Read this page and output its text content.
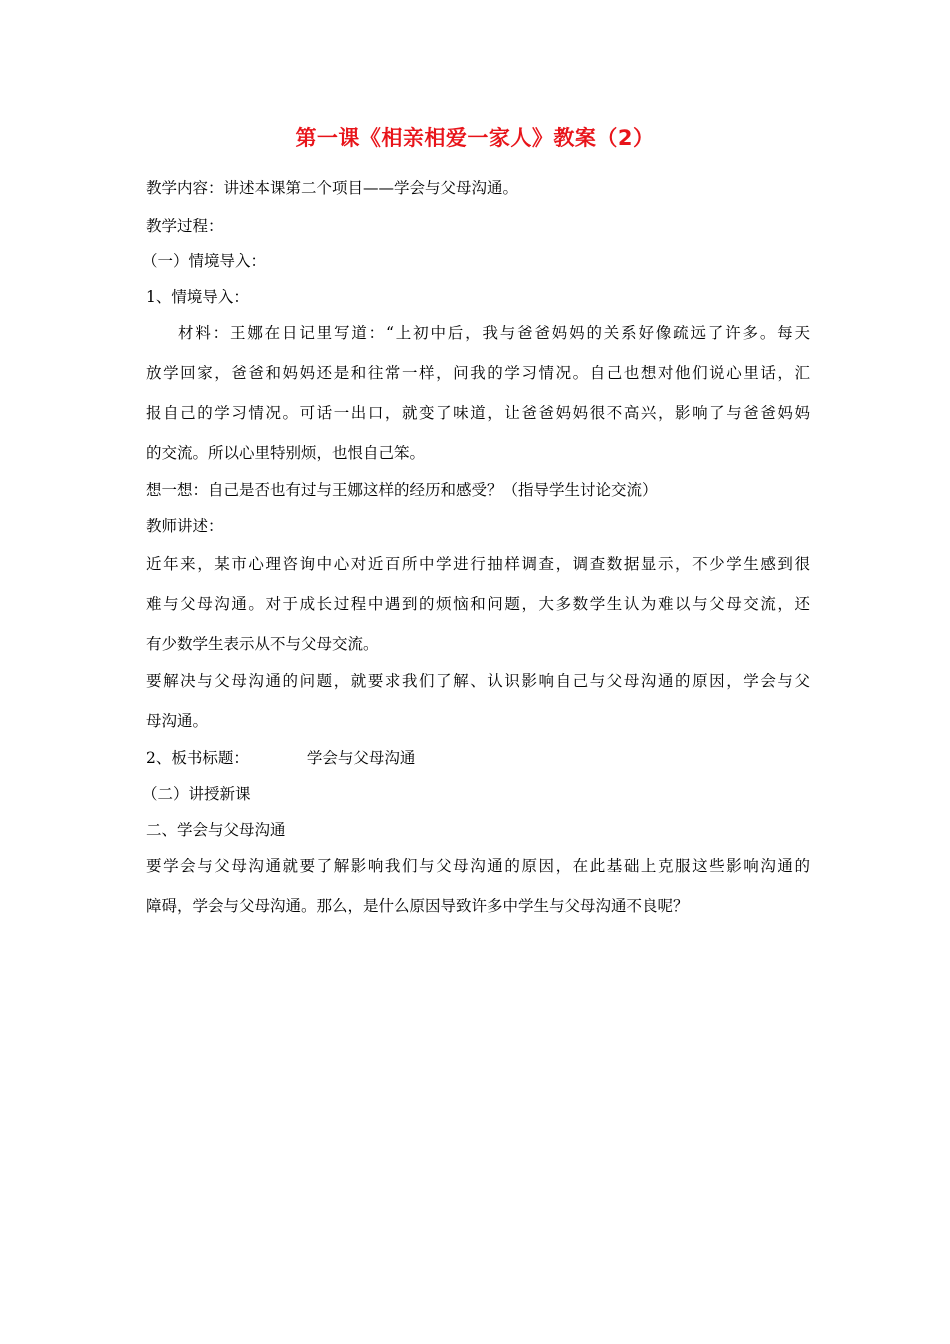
第一课《相亲相爱一家人》教案（2）
教学内容：讲述本课第二个项目——学会与父母沟通。
教学过程：
（一）情境导入：
1、情境导入：
材料：王娜在日记里写道：“上初中后，我与爸爸妈妈的关系好像疏远了许多。每天
放学回家，爸爸和妈妈还是和往常一样，问我的学习情况。自己也想对他们说心里话，汇
报自己的学习情况。可话一出口，就变了味道，让爸爸妈妈很不高兴，影响了与爸爸妈妈
的交流。所以心里特别烦，也恨自己笨。
想一想：自己是否也有过与王娜这样的经历和感受？（指导学生讨论交流）
教师讲述：
近年来，某市心理咨询中心对近百所中学进行抽样调查，调查数据显示，不少学生感到很
难与父母沟通。对于成长过程中遇到的烦恼和问题，大多数学生认为难以与父母交流，还
有少数学生表示从不与父母交流。
要解决与父母沟通的问题，就要求我们了解、认识影响自己与父母沟通的原因，学会与父
母沟通。
2、板书标题：	学会与父母沟通
（二）讲授新课
二、学会与父母沟通
要学会与父母沟通就要了解影响我们与父母沟通的原因，在此基础上克服这些影响沟通的
障碍，学会与父母沟通。那么，是什么原因导致许多中学生与父母沟通不良呢？
